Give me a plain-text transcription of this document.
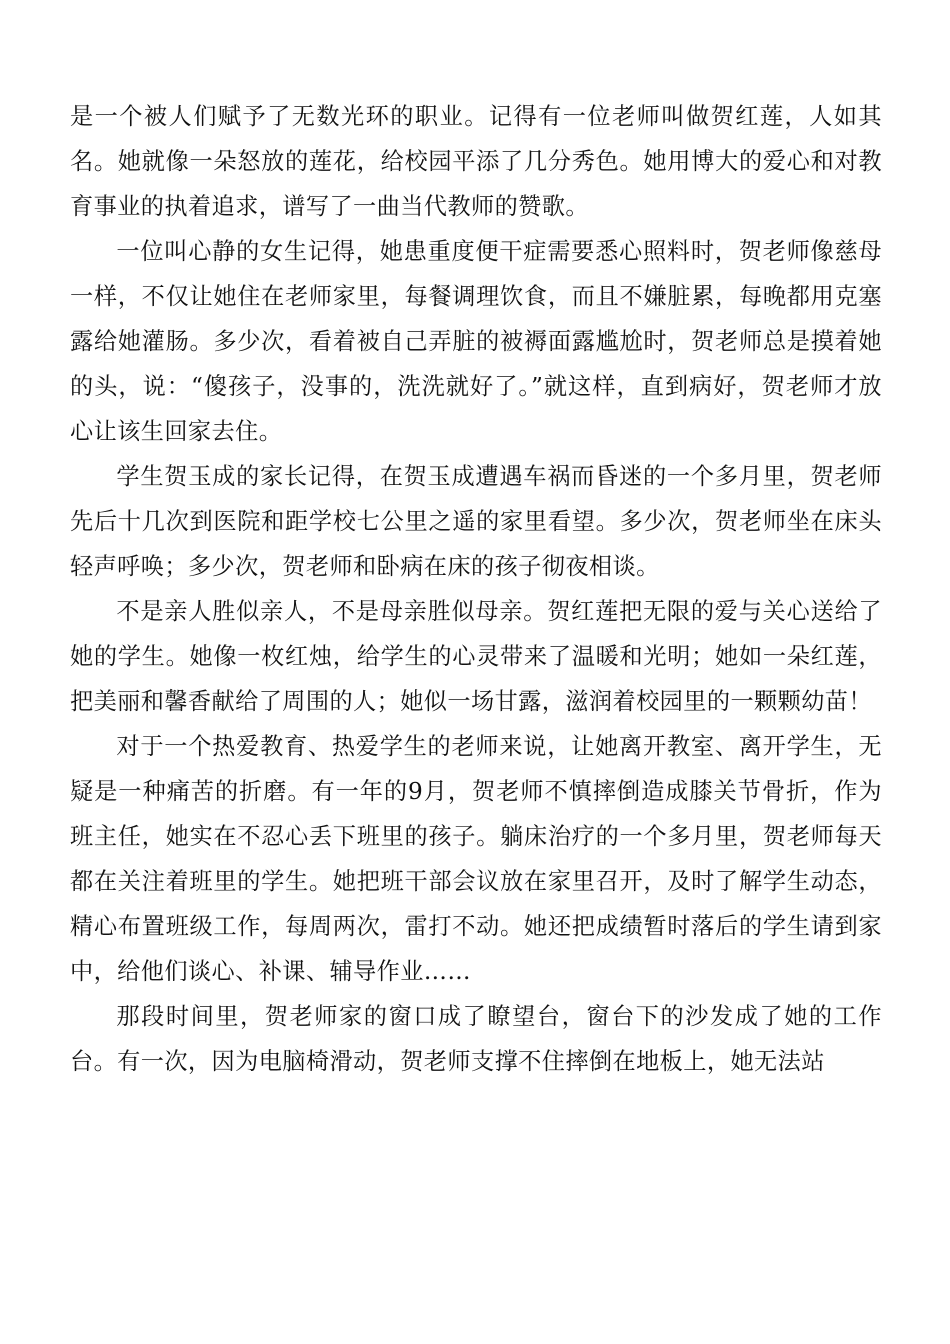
是一个被人们赋予了无数光环的职业。记得有一位老师叫做贺红莲，人如其名。她就像一朵怒放的莲花，给校园平添了几分秀色。她用博大的爱心和对教育事业的执着追求，谱写了一曲当代教师的赞歌。

一位叫心静的女生记得，她患重度便干症需要悉心照料时，贺老师像慈母一样，不仅让她住在老师家里，每餐调理饮食，而且不嫌脏累，每晚都用克塞露给她灌肠。多少次，看着被自己弄脏的被褥面露尴尬时，贺老师总是摸着她的头，说：“傻孩子，没事的，洗洗就好了。”就这样，直到病好，贺老师才放心让该生回家去住。

学生贺玉成的家长记得，在贺玉成遭遇车祸而昏迷的一个多月里，贺老师先后十几次到医院和距学校七公里之遥的家里看望。多少次，贺老师坐在床头轻声呼唤；多少次，贺老师和卧病在床的孩子彻夜相谈。

不是亲人胜似亲人，不是母亲胜似母亲。贺红莲把无限的爱与关心送给了她的学生。她像一枚红烛，给学生的心灵带来了温暖和光明；她如一朵红莲，把美丽和馨香献给了周围的人；她似一场甘露，滋润着校园里的一颗颗幼苗！

对于一个热爱教育、热爱学生的老师来说，让她离开教室、离开学生，无疑是一种痛苦的折磨。有一年的9月，贺老师不慎摔倒造成膝关节骨折，作为班主任，她实在不忍心丢下班里的孩子。躺床治疗的一个多月里，贺老师每天都在关注着班里的学生。她把班干部会议放在家里召开，及时了解学生动态，精心布置班级工作，每周两次，雷打不动。她还把成绩暂时落后的学生请到家中，给他们谈心、补课、辅导作业……

那段时间里，贺老师家的窗口成了瞭望台，窗台下的沙发成了她的工作台。有一次，因为电脑椅滑动，贺老师支撑不住摔倒在地板上，她无法站
